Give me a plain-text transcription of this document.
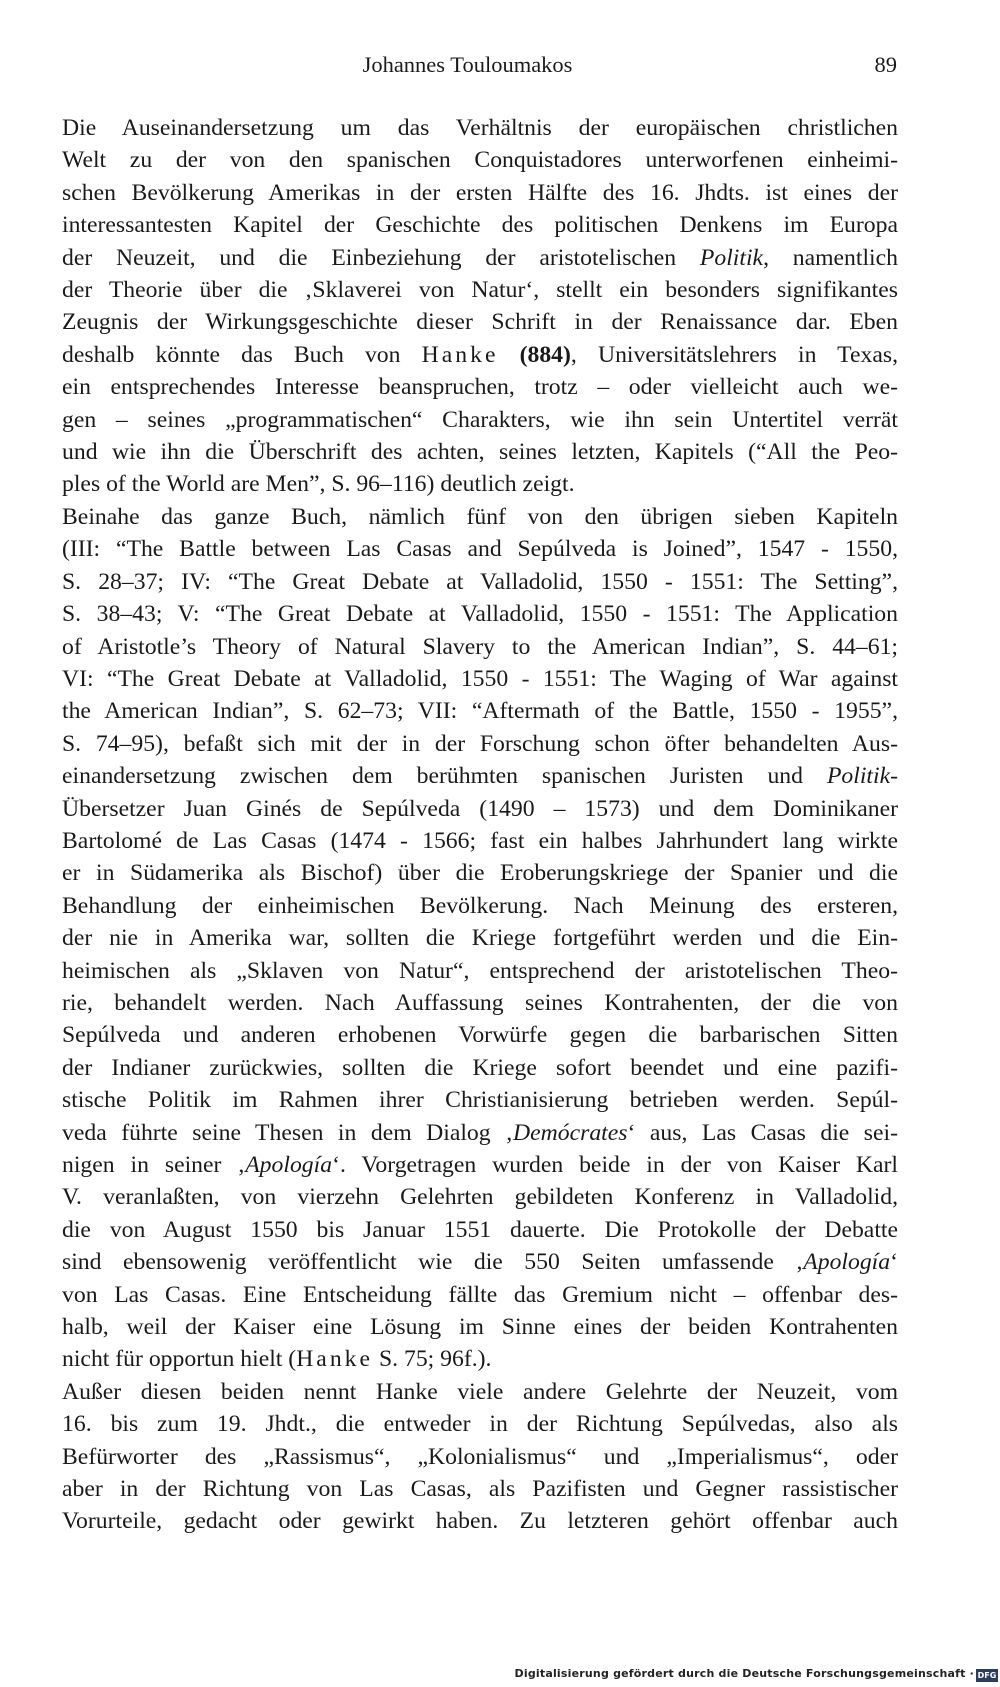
Johannes Touloumakos	89

Die Auseinandersetzung um das Verhältnis der europäischen christlichen
Welt zu der von den spanischen Conquistadores unterworfenen einheimi-
schen Bevölkerung Amerikas in der ersten Hälfte des 16. Jhdts. ist eines der
interessantesten Kapitel der Geschichte des politischen Denkens im Europa
der Neuzeit, und die Einbeziehung der aristotelischen Politik, namentlich
der Theorie über die ‚Sklaverei von Natur‘, stellt ein besonders signifikantes
Zeugnis der Wirkungsgeschichte dieser Schrift in der Renaissance dar. Eben
deshalb könnte das Buch von Hanke (884), Universitätslehrers in Texas,
ein entsprechendes Interesse beanspruchen, trotz – oder vielleicht auch we-
gen – seines „programmatischen“ Charakters, wie ihn sein Untertitel verrät
und wie ihn die Überschrift des achten, seines letzten, Kapitels (“All the Peo-
ples of the World are Men”, S. 96–116) deutlich zeigt.

Beinahe das ganze Buch, nämlich fünf von den übrigen sieben Kapiteln
(III: “The Battle between Las Casas and Sepúlveda is Joined”, 1547 - 1550,
S. 28–37; IV: “The Great Debate at Valladolid, 1550 - 1551: The Setting”,
S. 38–43; V: “The Great Debate at Valladolid, 1550 - 1551: The Application
of Aristotle’s Theory of Natural Slavery to the American Indian”, S. 44–61;
VI: “The Great Debate at Valladolid, 1550 - 1551: The Waging of War against
the American Indian”, S. 62–73; VII: “Aftermath of the Battle, 1550 - 1955”,
S. 74–95), befaßt sich mit der in der Forschung schon öfter behandelten Aus-
einandersetzung zwischen dem berühmten spanischen Juristen und Politik-
Übersetzer Juan Ginés de Sepúlveda (1490 – 1573) und dem Dominikaner
Bartolomé de Las Casas (1474 - 1566; fast ein halbes Jahrhundert lang wirkte
er in Südamerika als Bischof) über die Eroberungskriege der Spanier und die
Behandlung der einheimischen Bevölkerung. Nach Meinung des ersteren,
der nie in Amerika war, sollten die Kriege fortgeführt werden und die Ein-
heimischen als „Sklaven von Natur“, entsprechend der aristotelischen Theo-
rie, behandelt werden. Nach Auffassung seines Kontrahenten, der die von
Sepúlveda und anderen erhobenen Vorwürfe gegen die barbarischen Sitten
der Indianer zurückwies, sollten die Kriege sofort beendet und eine pazifi-
stische Politik im Rahmen ihrer Christianisierung betrieben werden. Sepúl-
veda führte seine Thesen in dem Dialog ‚Demócrates‘ aus, Las Casas die sei-
nigen in seiner ‚Apología‘. Vorgetragen wurden beide in der von Kaiser Karl
V. veranlaßten, von vierzehn Gelehrten gebildeten Konferenz in Valladolid,
die von August 1550 bis Januar 1551 dauerte. Die Protokolle der Debatte
sind ebensowenig veröffentlicht wie die 550 Seiten umfassende ‚Apología‘
von Las Casas. Eine Entscheidung fällte das Gremium nicht – offenbar des-
halb, weil der Kaiser eine Lösung im Sinne eines der beiden Kontrahenten
nicht für opportun hielt (Hanke S. 75; 96f.).

Außer diesen beiden nennt Hanke viele andere Gelehrte der Neuzeit, vom
16. bis zum 19. Jhdt., die entweder in der Richtung Sepúlvedas, also als
Befürworter des „Rassismus“, „Kolonialismus“ und „Imperialismus“, oder
aber in der Richtung von Las Casas, als Pazifisten und Gegner rassistischer
Vorurteile, gedacht oder gewirkt haben. Zu letzteren gehört offenbar auch

Digitalisierung gefördert durch die Deutsche Forschungsgemeinschaft · DFG
